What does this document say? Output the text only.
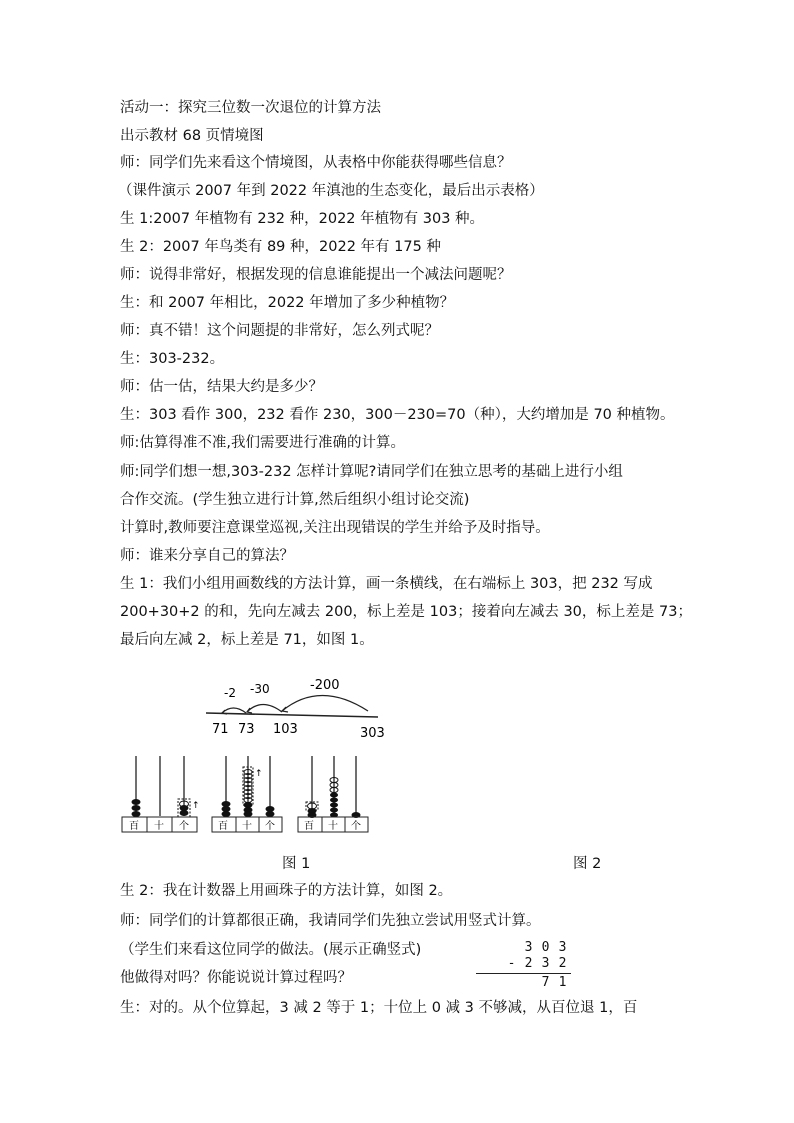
活动一：探究三位数一次退位的计算方法
出示教材 68 页情境图
师：同学们先来看这个情境图，从表格中你能获得哪些信息？
（课件演示 2007 年到 2022 年滇池的生态变化，最后出示表格）
生 1:2007 年植物有 232 种，2022 年植物有 303 种。
生 2：2007 年鸟类有 89 种，2022 年有 175 种
师：说得非常好，根据发现的信息谁能提出一个减法问题呢？
生：和 2007 年相比，2022 年增加了多少种植物？
师：真不错！这个问题提的非常好，怎么列式呢？
生：303-232。
师：估一估，结果大约是多少？
生：303 看作 300，232 看作 230，300－230=70（种），大约增加是 70 种植物。
师:估算得准不准,我们需要进行准确的计算。
师:同学们想一想,303-232 怎样计算呢?请同学们在独立思考的基础上进行小组
合作交流。(学生独立进行计算,然后组织小组讨论交流)
计算时,教师要注意课堂巡视,关注出现错误的学生并给予及时指导。
师：谁来分享自己的算法？
生 1：我们小组用画数线的方法计算，画一条横线，在右端标上 303，把 232 写成
200+30+2 的和，先向左减去 200，标上差是 103；接着向左减去 30，标上差是 73；
最后向左减 2，标上差是 71，如图 1。
-2 -30	-200
71 73 103	303
↑
百 十 个
↑
百 十 个	百 十 个
图 1	图 2
生 2：我在计数器上用画珠子的方法计算，如图 2。
师：同学们的计算都很正确，我请同学们先独立尝试用竖式计算。
（学生们来看这位同学的做法。(展示正确竖式)
他做得对吗？你能说说计算过程吗？
生：对的。从个位算起，3 减 2 等于 1；十位上 0 减 3 不够减，从百位退 1，百
3 0 3
- 2 3 2
7 1
